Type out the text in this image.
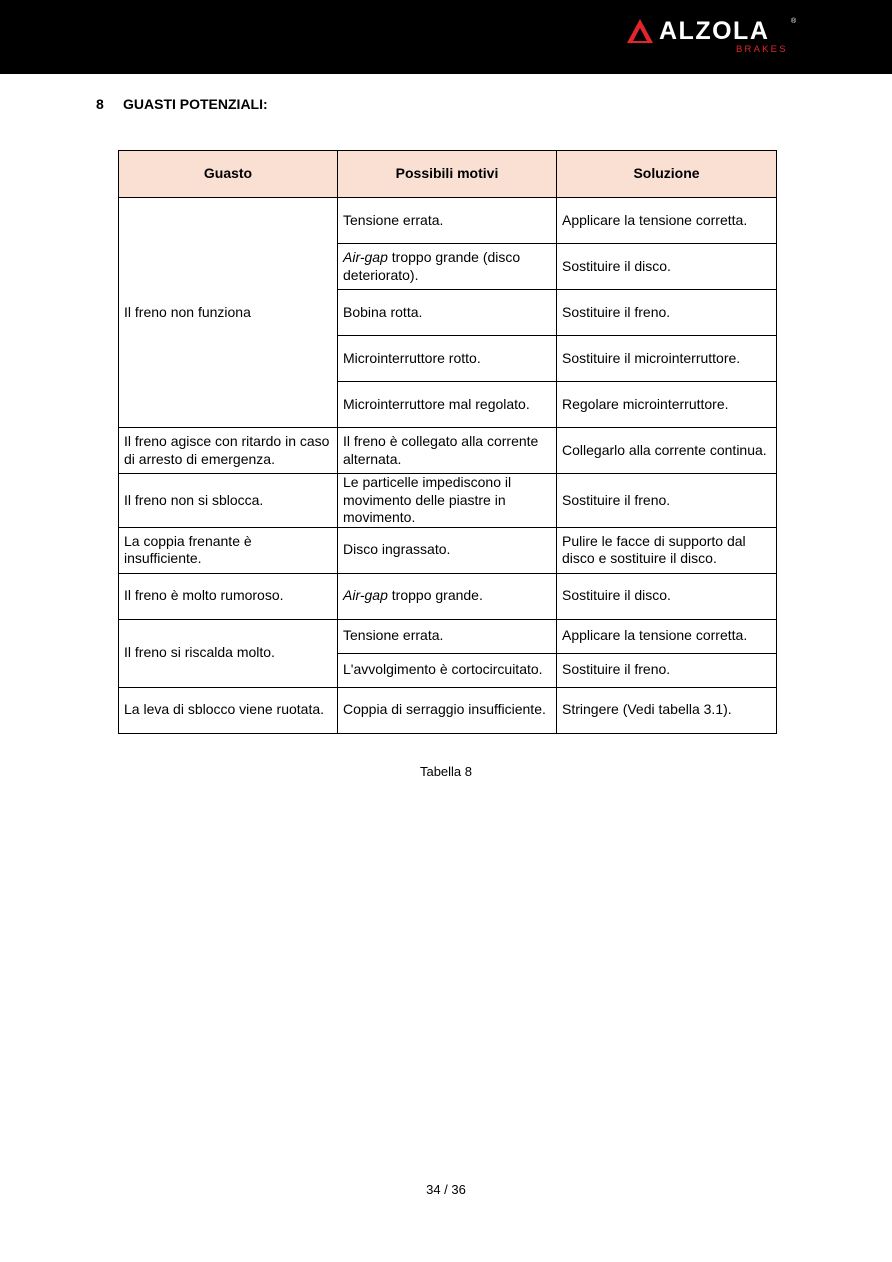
ALZOLA	®
BRAKES
8 GUASTI POTENZIALI:
Guasto	Possibili motivi	Soluzione
Il freno non funziona	Tensione errata.	Applicare la tensione corretta.
	Air-gap troppo grande (disco deteriorato).	Sostituire il disco.
	Bobina rotta.	Sostituire il freno.
	Microinterruttore rotto.	Sostituire il microinterruttore.
	Microinterruttore mal regolato.	Regolare microinterruttore.
Il freno agisce con ritardo in caso di arresto di emergenza.	Il freno è collegato alla corrente alternata.	Collegarlo alla corrente continua.
Il freno non si sblocca.	Le particelle impediscono il movimento delle piastre in movimento.	Sostituire il freno.
La coppia frenante è insufficiente.	Disco ingrassato.	Pulire le facce di supporto dal disco e sostituire il disco.
Il freno è molto rumoroso.	Air-gap troppo grande.	Sostituire il disco.
Il freno si riscalda molto.	Tensione errata.	Applicare la tensione corretta.
	L'avvolgimento è cortocircuitato.	Sostituire il freno.
La leva di sblocco viene ruotata.	Coppia di serraggio insufficiente.	Stringere (Vedi tabella 3.1).
Tabella 8
34 / 36
